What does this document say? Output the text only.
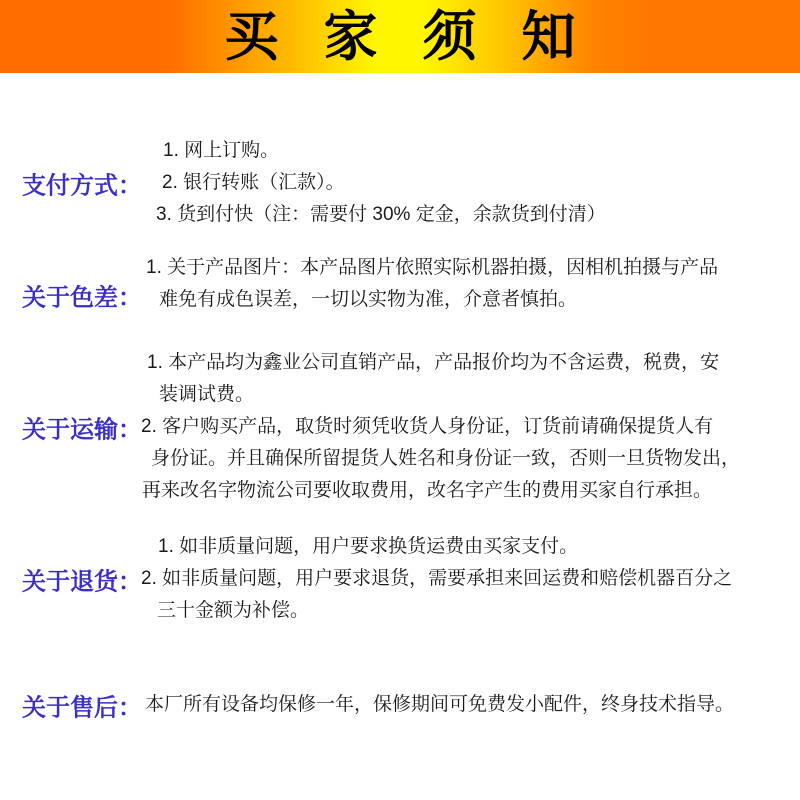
买家须知
支付方式：
1. 网上订购。
2. 银行转账（汇款）。
3. 货到付快（注：需要付 30% 定金，余款货到付清）
关于色差：
1. 关于产品图片：本产品图片依照实际机器拍摄，因相机拍摄与产品
难免有成色误差，一切以实物为准，介意者慎拍。
关于运输：
1. 本产品均为鑫业公司直销产品，产品报价均为不含运费，税费，安
装调试费。
2. 客户购买产品，取货时须凭收货人身份证，订货前请确保提货人有
身份证。并且确保所留提货人姓名和身份证一致，否则一旦货物发出，
再来改名字物流公司要收取费用，改名字产生的费用买家自行承担。
关于退货：
1. 如非质量问题，用户要求换货运费由买家支付。
2. 如非质量问题，用户要求退货，需要承担来回运费和赔偿机器百分之
三十金额为补偿。
关于售后： 本厂所有设备均保修一年，保修期间可免费发小配件，终身技术指导。
